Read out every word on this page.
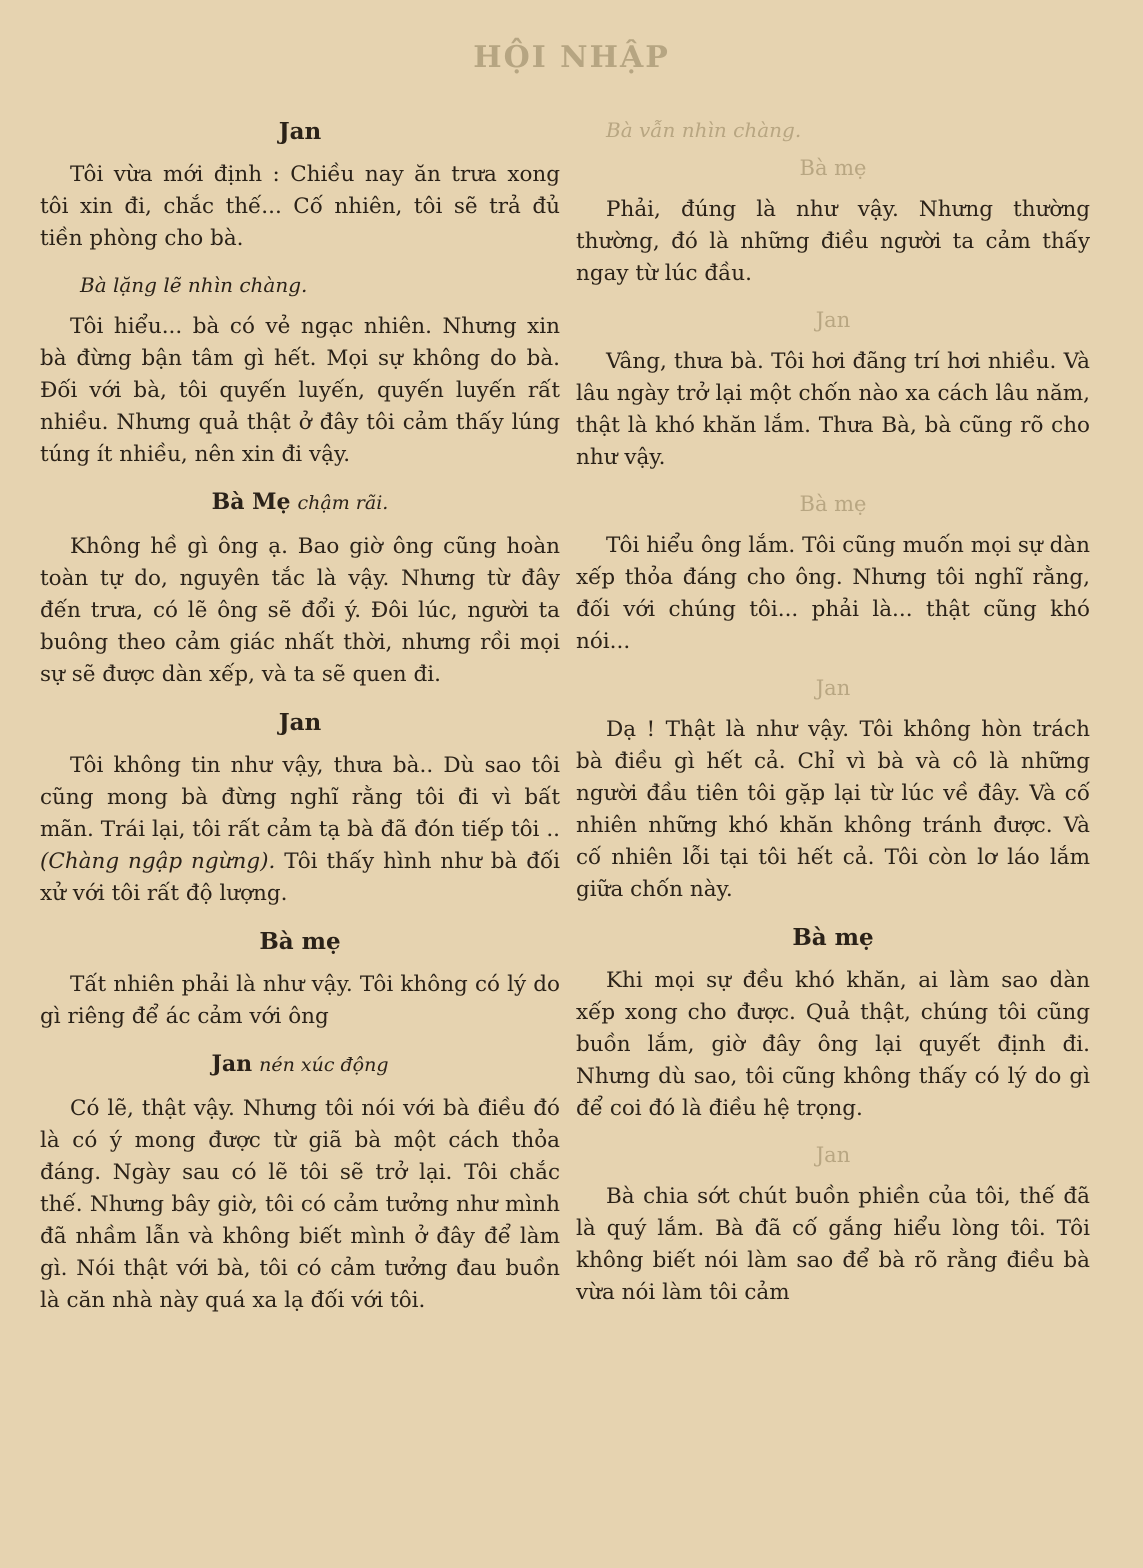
HỘI NHẬP
Jan

Tôi vừa mới định : Chiều nay ăn trưa xong tôi xin đi, chắc thế... Cố nhiên, tôi sẽ trả đủ tiền phòng cho bà.

Bà lặng lẽ nhìn chàng.

Tôi hiểu... bà có vẻ ngạc nhiên. Nhưng xin bà đừng bận tâm gì hết. Mọi sự không do bà. Đối với bà, tôi quyến luyến, quyến luyến rất nhiều. Nhưng quả thật ở đây tôi cảm thấy lúng túng ít nhiều, nên xin đi vậy.

Bà Mẹ chậm rãi.

Không hề gì ông ạ. Bao giờ ông cũng hoàn toàn tự do, nguyên tắc là vậy. Nhưng từ đây đến trưa, có lẽ ông sẽ đổi ý. Đôi lúc, người ta buông theo cảm giác nhất thời, nhưng rồi mọi sự sẽ được dàn xếp, và ta sẽ quen đi.

Jan

Tôi không tin như vậy, thưa bà.. Dù sao tôi cũng mong bà đừng nghĩ rằng tôi đi vì bất mãn. Trái lại, tôi rất cảm tạ bà đã đón tiếp tôi .. (Chàng ngập ngừng). Tôi thấy hình như bà đối xử với tôi rất độ lượng.

Bà mẹ

Tất nhiên phải là như vậy. Tôi không có lý do gì riêng để ác cảm với ông

Jan nén xúc động

Có lẽ, thật vậy. Nhưng tôi nói với bà điều đó là có ý mong được từ giã bà một cách thỏa đáng. Ngày sau có lẽ tôi sẽ trở lại. Tôi chắc thế. Nhưng bây giờ, tôi có cảm tưởng như mình đã nhầm lẫn và không biết mình ở đây để làm gì. Nói thật với bà, tôi có cảm tưởng đau buồn là căn nhà này quá xa lạ đối với tôi.

Bà vẫn nhìn chàng.
Bà mẹ

Phải, đúng là như vậy. Nhưng thường thường, đó là những điều người ta cảm thấy ngay từ lúc đầu.

Jan

Vâng, thưa bà. Tôi hơi đãng trí hơi nhiều. Và lâu ngày trở lại một chốn nào xa cách lâu năm, thật là khó khăn lắm. Thưa Bà, bà cũng rõ cho như vậy.

Bà mẹ

Tôi hiểu ông lắm. Tôi cũng muốn mọi sự dàn xếp thỏa đáng cho ông. Nhưng tôi nghĩ rằng, đối với chúng tôi... phải là... thật cũng khó nói...

Jan

Dạ ! Thật là như vậy. Tôi không hòn trách bà điều gì hết cả. Chỉ vì bà và cô là những người đầu tiên tôi gặp lại từ lúc về đây. Và cố nhiên những khó khăn không tránh được. Và cố nhiên lỗi tại tôi hết cả. Tôi còn lơ láo lắm giữa chốn này.

Bà mẹ

Khi mọi sự đều khó khăn, ai làm sao dàn xếp xong cho được. Quả thật, chúng tôi cũng buồn lắm, giờ đây ông lại quyết định đi. Nhưng dù sao, tôi cũng không thấy có lý do gì để coi đó là điều hệ trọng.

Jan

Bà chia sớt chút buồn phiền của tôi, thế đã là quý lắm. Bà đã cố gắng hiểu lòng tôi. Tôi không biết nói làm sao để bà rõ rằng điều bà vừa nói làm tôi cảm
